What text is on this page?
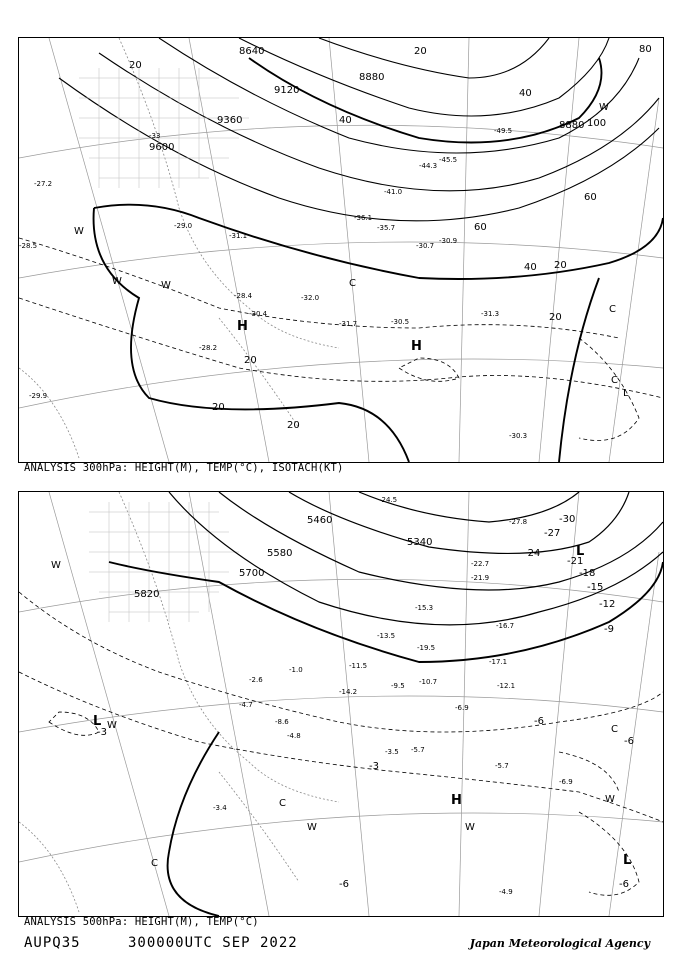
9600
9360
9120
8880
8640
8880
20
20
20
20
20
40
40
60
60
80
100
40 20
20
H
H
W
W	W
W
C
C
C
L
-33
-29.0
-31.1
-28.4	-32.0
-30.5
-31.7
-31.3
-41.0
-44.3
-45.5
-49.5
-36.1
-35.7
-30.9
-30.7
-30.3
-28.5
-27.2
-29.9
-30.4
-28.2
ANALYSIS 300hPa: HEIGHT(M), TEMP(°C), ISOTACH(KT)
5820
5700
5580
5460
5340
-3
-3
-6
-9
-6
-6
-6
-12
-15
-18
-21
-24
-27
-30
H
L
L
L
W
W
W	W
W
C
C
C
-15.3
-13.5
-10.7
-9.5
-6.9
-8.6
-5.7
-4.8
-4.7
-3.4
-1.0
-4.9
-6.9
-5.7
-17.1
-16.7
-19.5
-12.1
-22.7
-21.9
-24.5
-27.8
-11.5
-14.2
-3.5
-2.6
ANALYSIS 500hPa: HEIGHT(M), TEMP(°C)
AUPQ35	300000UTC SEP 2022	Japan Meteorological Agency
